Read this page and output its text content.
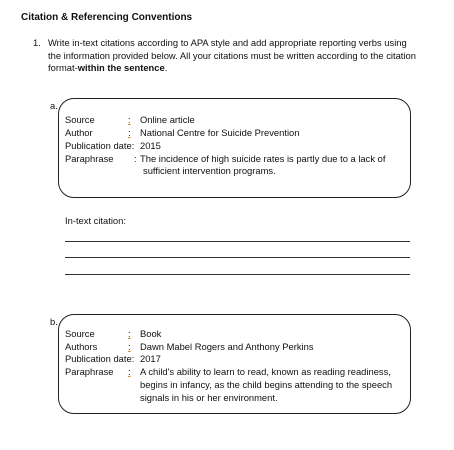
Citation & Referencing Conventions
1. Write in-text citations according to APA style and add appropriate reporting verbs using the information provided below. All your citations must be written according to the citation format-within the sentence.
a.
Source	: Online article
Author	: National Centre for Suicide Prevention
Publication date: 2015
Paraphrase : The incidence of high suicide rates is partly due to a lack of
sufficient intervention programs.
In-text citation:
b.
Source	: Book
Authors	: Dawn Mabel Rogers and Anthony Perkins
Publication date: 2017
Paraphrase : A child's ability to learn to read, known as reading readiness,
begins in infancy, as the child begins attending to the speech
signals in his or her environment.
